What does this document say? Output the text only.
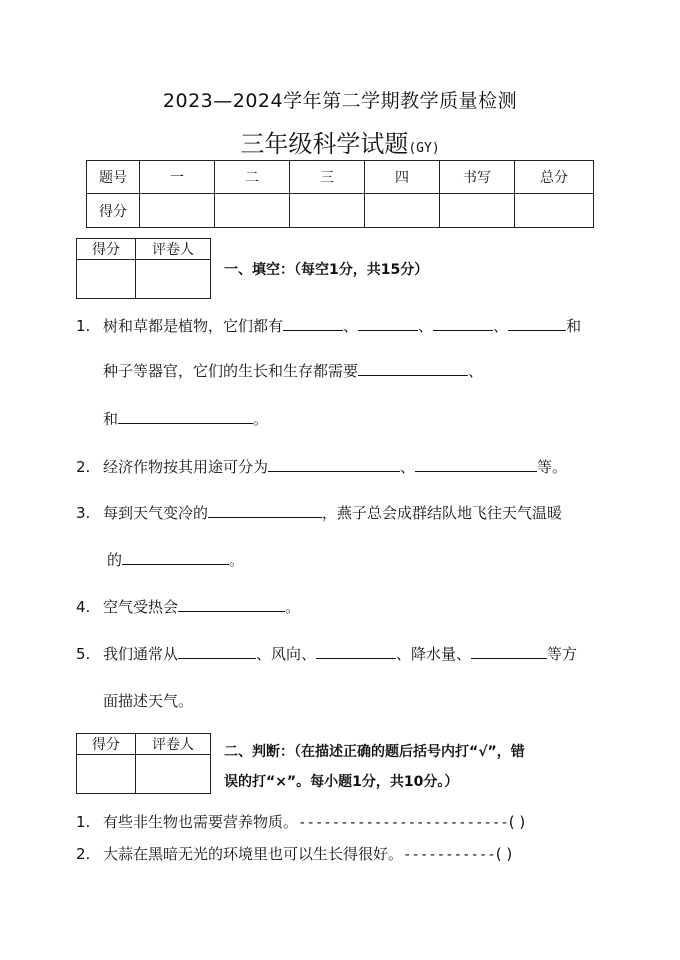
2023—2024学年第二学期教学质量检测
三年级科学试题(GY)
题号	一	二	三	四	书写	总分
得分						
得分	评卷人

一、填空：（每空1分，共15分）
1. 树和草都是植物，它们都有	、	、	、	和
种子等器官，它们的生长和生存都需要	、
和	。
2. 经济作物按其用途可分为	、	等。
3. 每到天气变冷的	，燕子总会成群结队地飞往天气温暖
的	。
4. 空气受热会	。
5. 我们通常从	、风向、	、降水量、	等方
面描述天气。
得分	评卷人
	二、判断：（在描述正确的题后括号内打“√”，错
误的打“×”。每小题1分，共10分。）
1. 有些非生物也需要营养物质。-------------------------( )
2. 大蒜在黑暗无光的环境里也可以生长得很好。-----------( )
